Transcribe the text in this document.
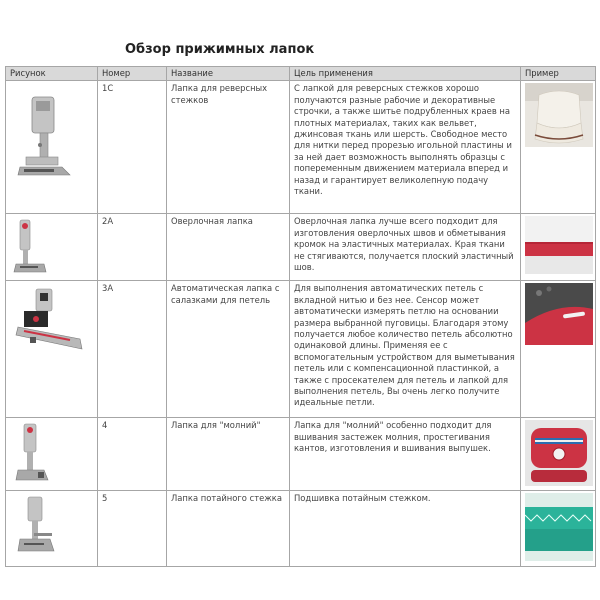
Обзор прижимных лапок
Рисунок	Номер	Название	Цель применения	Пример

	1C	Лапка для реверсных стежков	С лапкой для реверсных стежков хорошо получаются разные рабочие и декоративные строчки, а также шитье подрубленных краев на плотных материалах, таких как вельвет, джинсовая ткань или шерсть. Свободное место для нитки перед прорезью игольной пластины и за ней дает возможность выполнять образцы с попеременным движением материала вперед и назад и гарантирует великолепную подачу ткани.	

	2A	Оверлочная лапка	Оверлочная лапка лучше всего подходит для изготовления оверлочных швов и обметывания кромок на эластичных материалах. Края ткани не стягиваются, получается плоский эластичный шов.	

	3A	Автоматическая лапка с салазками для петель	Для выполнения автоматических петель с вкладной нитью и без нее. Сенсор может автоматически измерять петлю на основании размера выбранной пуговицы. Благодаря этому получается любое количество петель абсолютно одинаковой длины. Применяя ее с вспомогательным устройством для выметывания петель или с компенсационной пластинкой, а также с просекателем для петель и лапкой для выполнения петель, Вы очень легко получите идеальные петли.	

	4	Лапка для "молний"	Лапка для "молний" особенно подходит для вшивания застежек молния, простегивания кантов, изготовления и вшивания выпушек.	

	5	Лапка потайного стежка	Подшивка потайным стежком.	
